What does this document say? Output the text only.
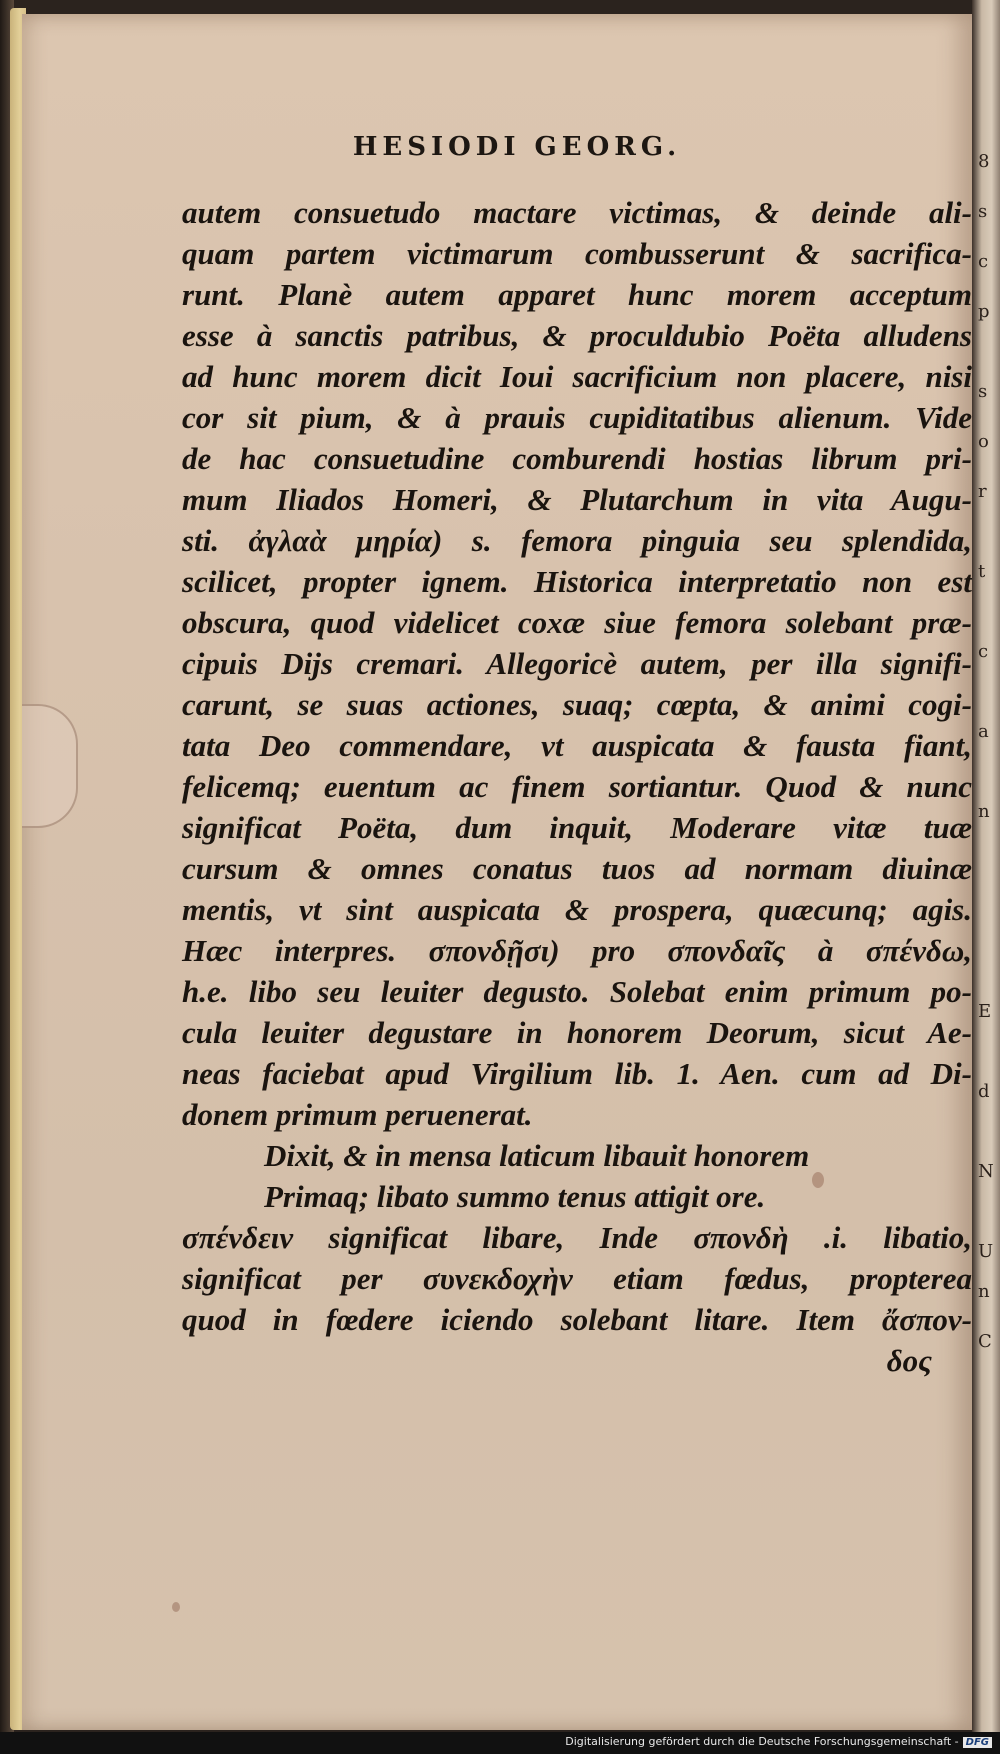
HESIODI GEORG.
autem consuetudo mactare victimas, & deinde ali-
quam partem victimarum combusserunt & sacrifica-
runt. Planè autem apparet hunc morem acceptum
esse à sanctis patribus, & proculdubio Poëta alludens
ad hunc morem dicit Ioui sacrificium non placere, nisi
cor sit pium, & à prauis cupiditatibus alienum. Vide
de hac consuetudine comburendi hostias librum pri-
mum Iliados Homeri, & Plutarchum in vita Augu-
sti. ἀγλαὰ μηρία) s. femora pinguia seu splendida,
scilicet, propter ignem. Historica interpretatio non est
obscura, quod videlicet coxæ siue femora solebant præ-
cipuis Dijs cremari. Allegoricè autem, per illa signifi-
carunt, se suas actiones, suaq; cœpta, & animi cogi-
tata Deo commendare, vt auspicata & fausta fiant,
felicemq; euentum ac finem sortiantur. Quod & nunc
significat Poëta, dum inquit, Moderare vitæ tuæ
cursum & omnes conatus tuos ad normam diuinæ
mentis, vt sint auspicata & prospera, quæcunq; agis.
Hæc interpres. σπονδῇσι) pro σπονδαῖς à σπένδω,
h.e. libo seu leuiter degusto. Solebat enim primum po-
cula leuiter degustare in honorem Deorum, sicut Ae-
neas faciebat apud Virgilium lib. 1. Aen. cum ad Di-
donem primum peruenerat.
Dixit, & in mensa laticum libauit honorem
Primaq; libato summo tenus attigit ore.
σπένδειν significat libare, Inde σπονδὴ .i. libatio,
significat per συνεκδοχὴν etiam fœdus, propterea
quod in fœdere iciendo solebant litare. Item ἄσπον-
δος
8
s
c
p
s
o
r
t
c
a
n
E
d
N
U
n
C
Digitalisierung gefördert durch die Deutsche Forschungsgemeinschaft - DFG
